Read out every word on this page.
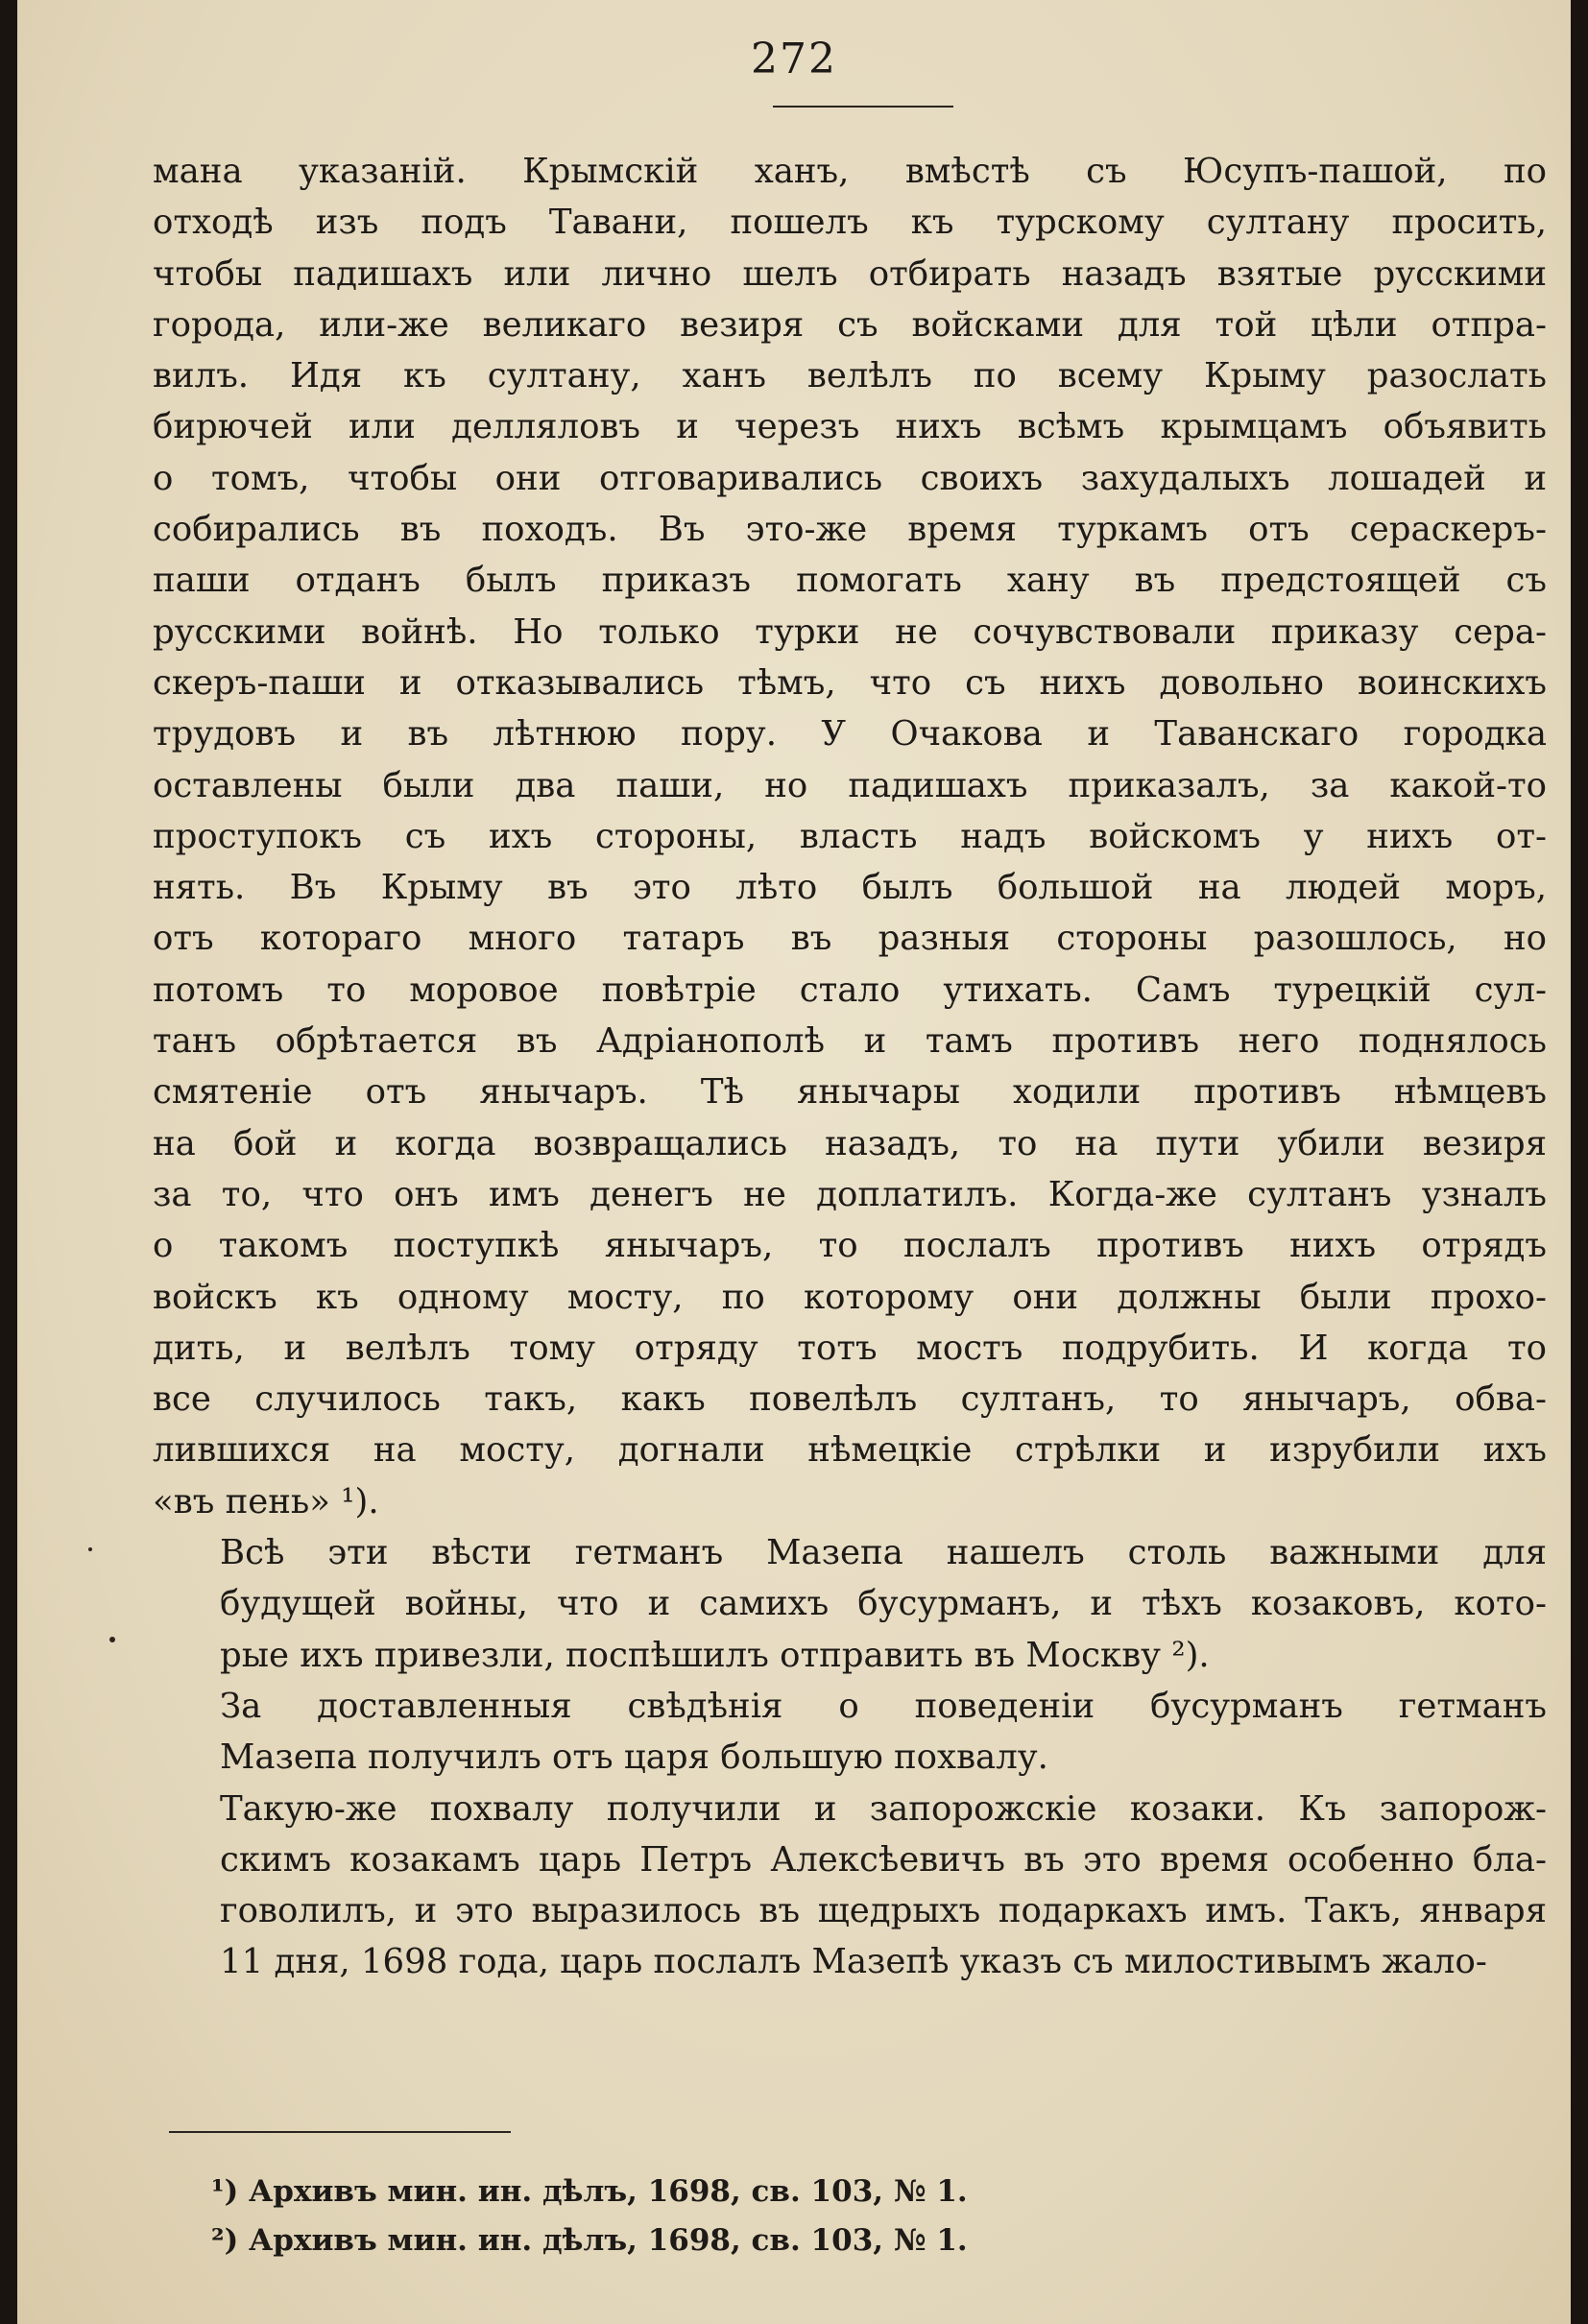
272

мана указаній. Крымскій ханъ, вмѣстѣ съ Юсупъ-пашой, по
отходѣ изъ подъ Тавани, пошелъ къ турскому султану просить,
чтобы падишахъ или лично шелъ отбирать назадъ взятые русскими
города, или-же великаго везиря съ войсками для той цѣли отпра-
вилъ. Идя къ султану, ханъ велѣлъ по всему Крыму разослать
бирючей или делляловъ и черезъ нихъ всѣмъ крымцамъ объявить
о томъ, чтобы они отговаривались своихъ захудалыхъ лошадей и
собирались въ походъ. Въ это-же время туркамъ отъ сераскеръ-
паши отданъ былъ приказъ помогать хану въ предстоящей съ
русскими войнѣ. Но только турки не сочувствовали приказу сера-
скеръ-паши и отказывались тѣмъ, что съ нихъ довольно воинскихъ
трудовъ и въ лѣтнюю пору. У Очакова и Таванскаго городка
оставлены были два паши, но падишахъ приказалъ, за какой-то
проступокъ съ ихъ стороны, власть надъ войскомъ у нихъ от-
нять. Въ Крыму въ это лѣто былъ большой на людей моръ,
отъ котораго много татаръ въ разныя стороны разошлось, но
потомъ то моровое повѣтріе стало утихать. Самъ турецкій сул-
танъ обрѣтается въ Адріанополѣ и тамъ противъ него поднялось
смятеніе отъ янычаръ. Тѣ янычары ходили противъ нѣмцевъ
на бой и когда возвращались назадъ, то на пути убили везиря
за то, что онъ имъ денегъ не доплатилъ. Когда-же султанъ узналъ
о такомъ поступкѣ янычаръ, то послалъ противъ нихъ отрядъ
войскъ къ одному мосту, по которому они должны были прохо-
дить, и велѣлъ тому отряду тотъ мостъ подрубить. И когда то
все случилось такъ, какъ повелѣлъ султанъ, то янычаръ, обва-
лившихся на мосту, догнали нѣмецкіе стрѣлки и изрубили ихъ
«въ пень» ¹).

Всѣ эти вѣсти гетманъ Мазепа нашелъ столь важными для
будущей войны, что и самихъ бусурманъ, и тѣхъ козаковъ, кото-
рые ихъ привезли, поспѣшилъ отправить въ Москву ²).

За доставленныя свѣдѣнія о поведеніи бусурманъ гетманъ
Мазепа получилъ отъ царя большую похвалу.

Такую-же похвалу получили и запорожскіе козаки. Къ запорож-
скимъ козакамъ царь Петръ Алексѣевичъ въ это время особенно бла-
говолилъ, и это выразилось въ щедрыхъ подаркахъ имъ. Такъ, января
11 дня, 1698 года, царь послалъ Мазепѣ указъ съ милостивымъ жало-

¹) Архивъ мин. ин. дѣлъ, 1698, св. 103, № 1.
²) Архивъ мин. ин. дѣлъ, 1698, св. 103, № 1.
